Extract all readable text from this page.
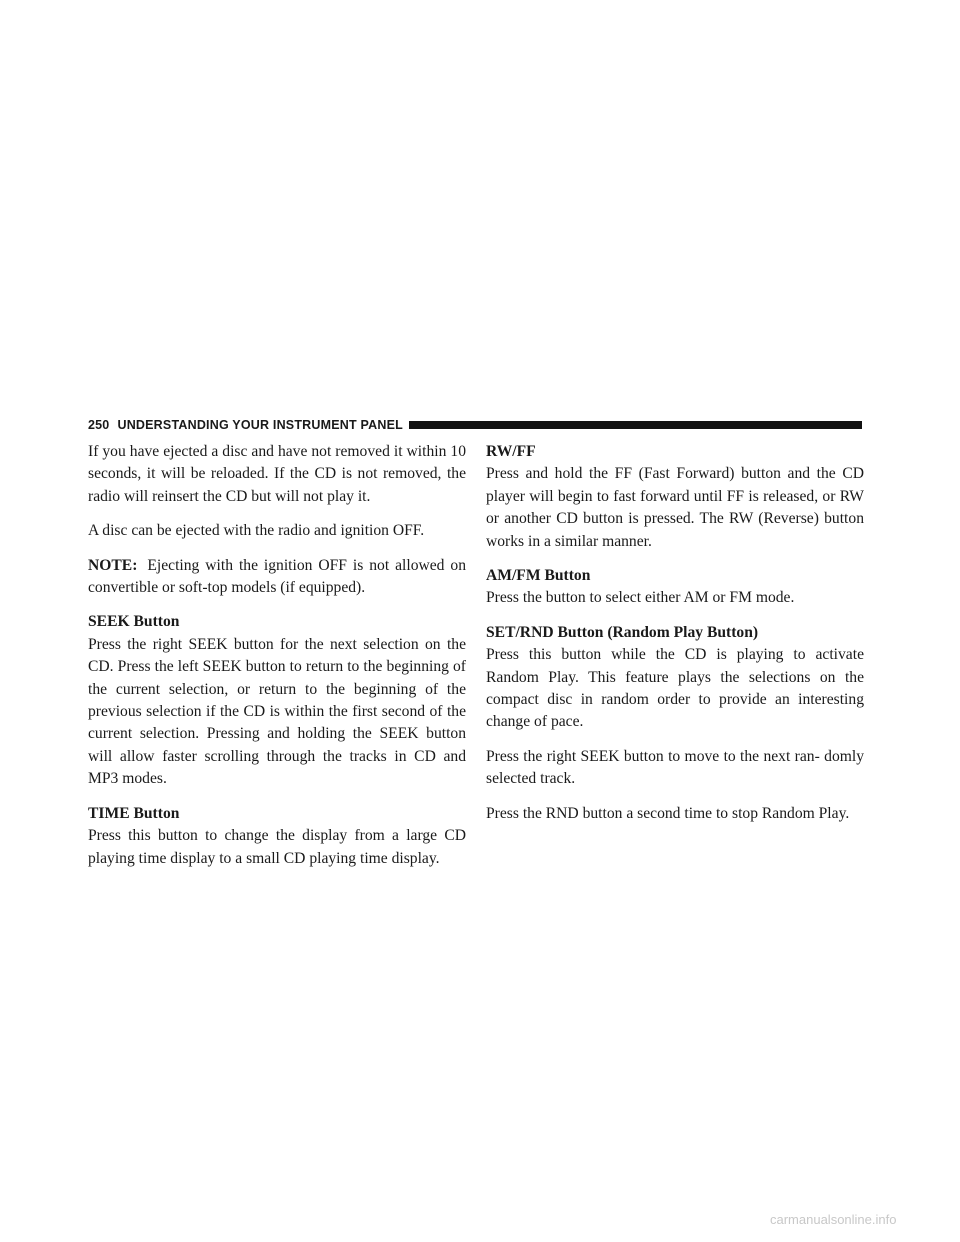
250 UNDERSTANDING YOUR INSTRUMENT PANEL

If you have ejected a disc and have not removed it within 10 seconds, it will be reloaded. If the CD is not removed, the radio will reinsert the CD but will not play it.

A disc can be ejected with the radio and ignition OFF.

NOTE: Ejecting with the ignition OFF is not allowed on convertible or soft-top models (if equipped).

SEEK Button

Press the right SEEK button for the next selection on the CD. Press the left SEEK button to return to the beginning of the current selection, or return to the beginning of the previous selection if the CD is within the first second of the current selection. Pressing and holding the SEEK button will allow faster scrolling through the tracks in CD and MP3 modes.

TIME Button

Press this button to change the display from a large CD playing time display to a small CD playing time display.

RW/FF

Press and hold the FF (Fast Forward) button and the CD player will begin to fast forward until FF is released, or RW or another CD button is pressed. The RW (Reverse) button works in a similar manner.

AM/FM Button

Press the button to select either AM or FM mode.

SET/RND Button (Random Play Button)

Press this button while the CD is playing to activate Random Play. This feature plays the selections on the compact disc in random order to provide an interesting change of pace.

Press the right SEEK button to move to the next ran- domly selected track.

Press the RND button a second time to stop Random Play.

carmanualsonline.info
